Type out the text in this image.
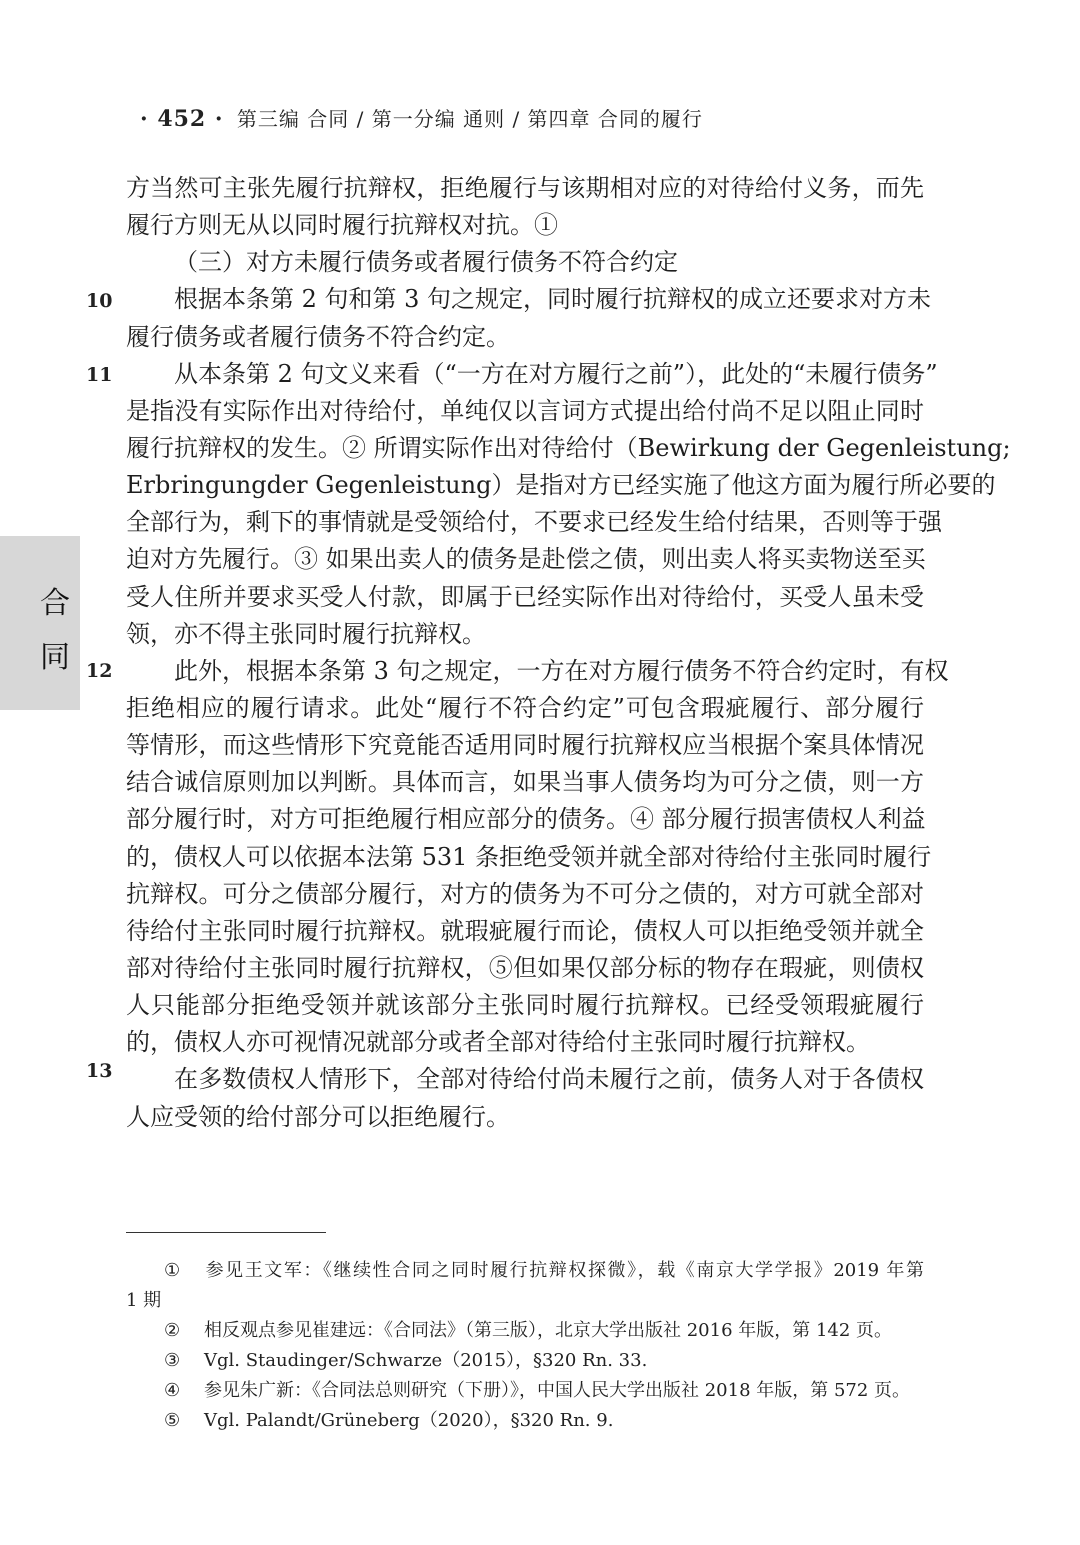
· 452 · 第三编 合同 / 第一分编 通则 / 第四章 合同的履行
合
同
10
11
12
13
方当然可主张先履行抗辩权，拒绝履行与该期相对应的对待给付义务，而先
履行方则无从以同时履行抗辩权对抗。①
（三）对方未履行债务或者履行债务不符合约定
根据本条第 2 句和第 3 句之规定，同时履行抗辩权的成立还要求对方未
履行债务或者履行债务不符合约定。
从本条第 2 句文义来看（“一方在对方履行之前”），此处的“未履行债务”
是指没有实际作出对待给付，单纯仅以言词方式提出给付尚不足以阻止同时
履行抗辩权的发生。② 所谓实际作出对待给付（Bewirkung der Gegenleistung;
Erbringungder Gegenleistung）是指对方已经实施了他这方面为履行所必要的
全部行为，剩下的事情就是受领给付，不要求已经发生给付结果，否则等于强
迫对方先履行。③ 如果出卖人的债务是赴偿之债，则出卖人将买卖物送至买
受人住所并要求买受人付款，即属于已经实际作出对待给付，买受人虽未受
领，亦不得主张同时履行抗辩权。
此外，根据本条第 3 句之规定，一方在对方履行债务不符合约定时，有权
拒绝相应的履行请求。此处“履行不符合约定”可包含瑕疵履行、部分履行
等情形，而这些情形下究竟能否适用同时履行抗辩权应当根据个案具体情况
结合诚信原则加以判断。具体而言，如果当事人债务均为可分之债，则一方
部分履行时，对方可拒绝履行相应部分的债务。④ 部分履行损害债权人利益
的，债权人可以依据本法第 531 条拒绝受领并就全部对待给付主张同时履行
抗辩权。可分之债部分履行，对方的债务为不可分之债的，对方可就全部对
待给付主张同时履行抗辩权。就瑕疵履行而论，债权人可以拒绝受领并就全
部对待给付主张同时履行抗辩权，⑤但如果仅部分标的物存在瑕疵，则债权
人只能部分拒绝受领并就该部分主张同时履行抗辩权。已经受领瑕疵履行
的，债权人亦可视情况就部分或者全部对待给付主张同时履行抗辩权。
在多数债权人情形下，全部对待给付尚未履行之前，债务人对于各债权
人应受领的给付部分可以拒绝履行。
① 参见王文军：《继续性合同之同时履行抗辩权探微》，载《南京大学学报》2019 年第
1 期
② 相反观点参见崔建远：《合同法》（第三版），北京大学出版社 2016 年版，第 142 页。
③ Vgl. Staudinger/Schwarze（2015），§320 Rn. 33.
④ 参见朱广新：《合同法总则研究（下册）》，中国人民大学出版社 2018 年版，第 572 页。
⑤ Vgl. Palandt/Grüneberg（2020），§320 Rn. 9.
